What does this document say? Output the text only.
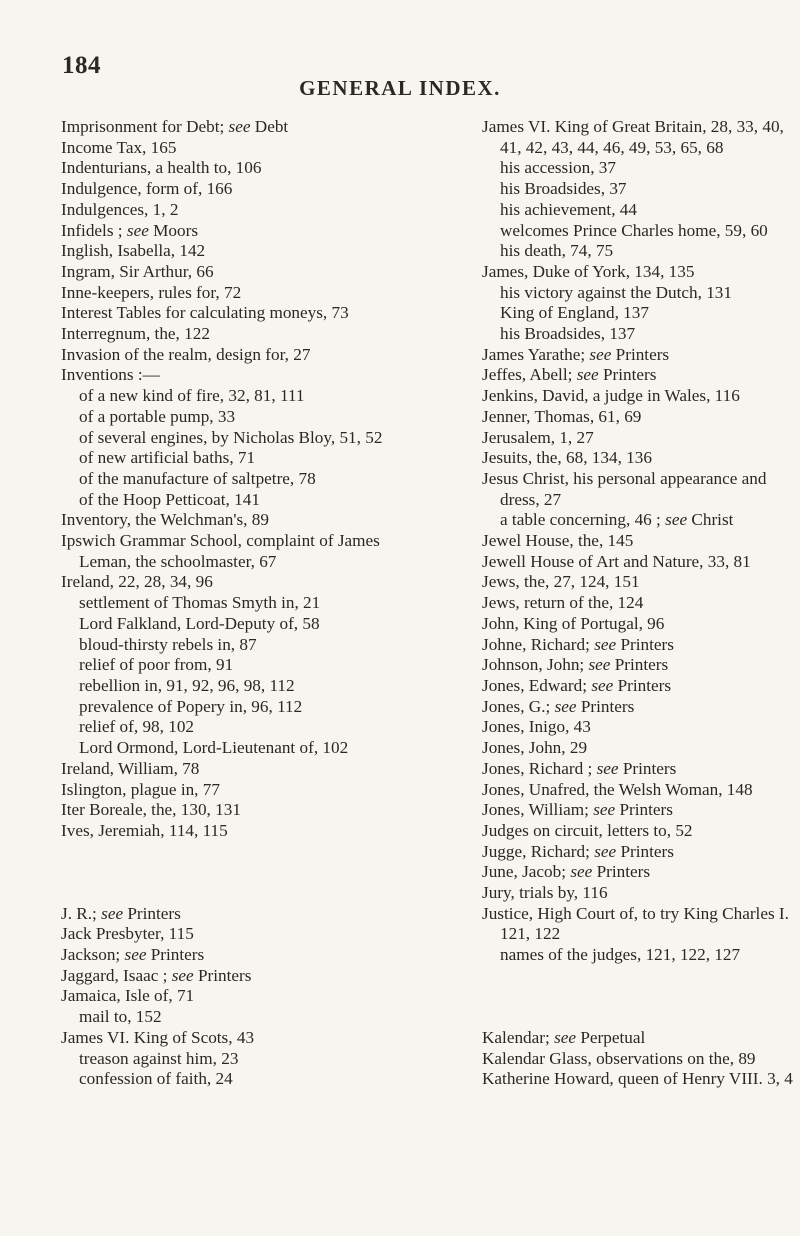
184
GENERAL INDEX.
Imprisonment for Debt; see Debt
Income Tax, 165
Indenturians, a health to, 106
Indulgence, form of, 166
Indulgences, 1, 2
Infidels ; see Moors
Inglish, Isabella, 142
Ingram, Sir Arthur, 66
Inne-keepers, rules for, 72
Interest Tables for calculating moneys, 73
Interregnum, the, 122
Invasion of the realm, design for, 27
Inventions :—
of a new kind of fire, 32, 81, 111
of a portable pump, 33
of several engines, by Nicholas Bloy, 51, 52
of new artificial baths, 71
of the manufacture of saltpetre, 78
of the Hoop Petticoat, 141
Inventory, the Welchman's, 89
Ipswich Grammar School, complaint of James
Leman, the schoolmaster, 67
Ireland, 22, 28, 34, 96
settlement of Thomas Smyth in, 21
Lord Falkland, Lord-Deputy of, 58
bloud-thirsty rebels in, 87
relief of poor from, 91
rebellion in, 91, 92, 96, 98, 112
prevalence of Popery in, 96, 112
relief of, 98, 102
Lord Ormond, Lord-Lieutenant of, 102
Ireland, William, 78
Islington, plague in, 77
Iter Boreale, the, 130, 131
Ives, Jeremiah, 114, 115
J. R.; see Printers
Jack Presbyter, 115
Jackson; see Printers
Jaggard, Isaac ; see Printers
Jamaica, Isle of, 71
mail to, 152
James VI. King of Scots, 43
treason against him, 23
confession of faith, 24
James VI. King of Great Britain, 28, 33, 40,
41, 42, 43, 44, 46, 49, 53, 65, 68
his accession, 37
his Broadsides, 37
his achievement, 44
welcomes Prince Charles home, 59, 60
his death, 74, 75
James, Duke of York, 134, 135
his victory against the Dutch, 131
King of England, 137
his Broadsides, 137
James Yarathe; see Printers
Jeffes, Abell; see Printers
Jenkins, David, a judge in Wales, 116
Jenner, Thomas, 61, 69
Jerusalem, 1, 27
Jesuits, the, 68, 134, 136
Jesus Christ, his personal appearance and
dress, 27
a table concerning, 46 ; see Christ
Jewel House, the, 145
Jewell House of Art and Nature, 33, 81
Jews, the, 27, 124, 151
Jews, return of the, 124
John, King of Portugal, 96
Johne, Richard; see Printers
Johnson, John; see Printers
Jones, Edward; see Printers
Jones, G.; see Printers
Jones, Inigo, 43
Jones, John, 29
Jones, Richard ; see Printers
Jones, Unafred, the Welsh Woman, 148
Jones, William; see Printers
Judges on circuit, letters to, 52
Jugge, Richard; see Printers
June, Jacob; see Printers
Jury, trials by, 116
Justice, High Court of, to try King Charles I.
121, 122
names of the judges, 121, 122, 127
Kalendar; see Perpetual
Kalendar Glass, observations on the, 89
Katherine Howard, queen of Henry VIII. 3, 4
